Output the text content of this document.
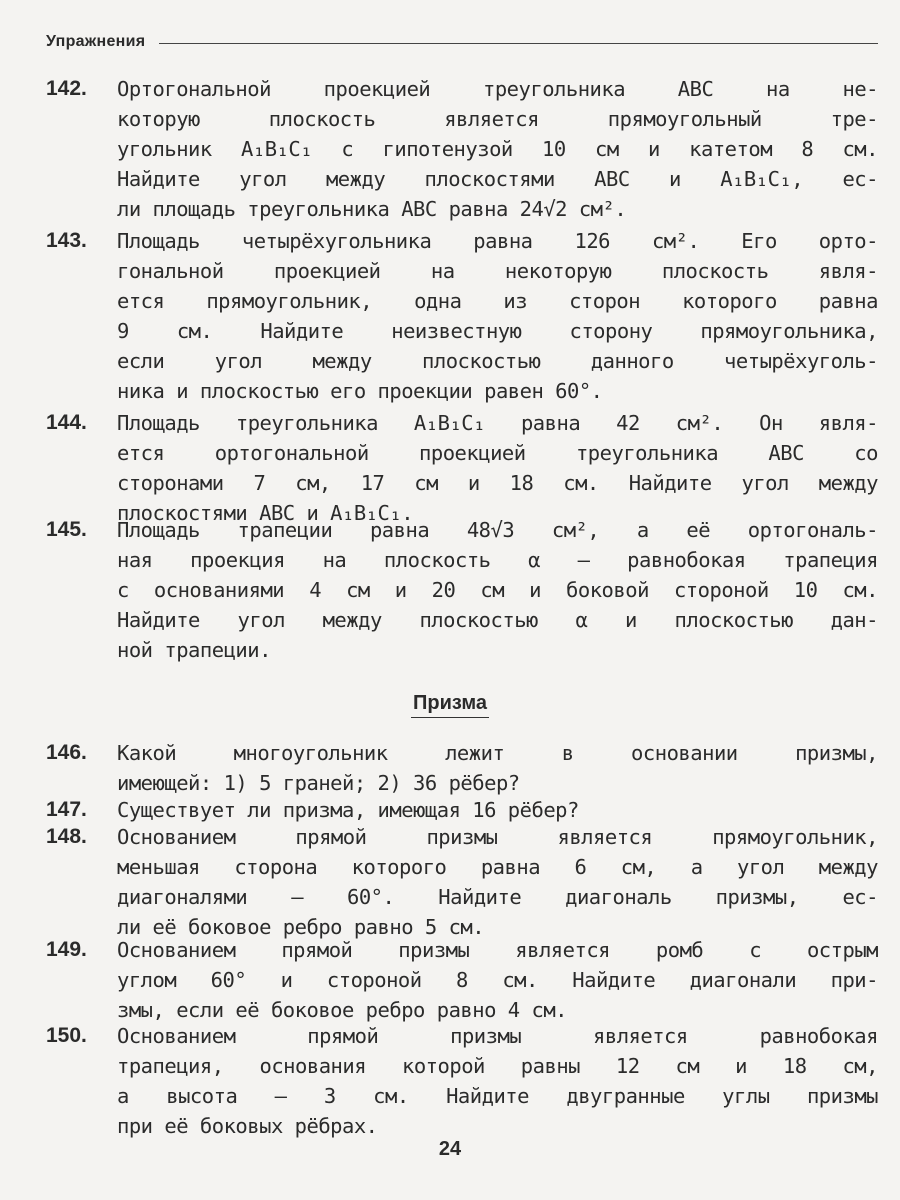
Упражнения
142. Ортогональной проекцией треугольника ABC на не-
которую плоскость является прямоугольный тре-
угольник A₁B₁C₁ с гипотенузой 10 см и катетом 8 см.
Найдите угол между плоскостями ABC и A₁B₁C₁, ес-
ли площадь треугольника ABC равна 24√2 см².
143. Площадь четырёхугольника равна 126 см². Его орто-
гональной проекцией на некоторую плоскость явля-
ется прямоугольник, одна из сторон которого равна
9 см. Найдите неизвестную сторону прямоугольника,
если угол между плоскостью данного четырёхуголь-
ника и плоскостью его проекции равен 60°.
144. Площадь треугольника A₁B₁C₁ равна 42 см². Он явля-
ется ортогональной проекцией треугольника ABC со
сторонами 7 см, 17 см и 18 см. Найдите угол между
плоскостями ABC и A₁B₁C₁.
145. Площадь трапеции равна 48√3 см², а её ортогональ-
ная проекция на плоскость α — равнобокая трапеция
с основаниями 4 см и 20 см и боковой стороной 10 см.
Найдите угол между плоскостью α и плоскостью дан-
ной трапеции.
Призма
146. Какой многоугольник лежит в основании призмы,
имеющей: 1) 5 граней; 2) 36 рёбер?
147. Существует ли призма, имеющая 16 рёбер?
148. Основанием прямой призмы является прямоугольник,
меньшая сторона которого равна 6 см, а угол между
диагоналями — 60°. Найдите диагональ призмы, ес-
ли её боковое ребро равно 5 см.
149. Основанием прямой призмы является ромб с острым
углом 60° и стороной 8 см. Найдите диагонали при-
змы, если её боковое ребро равно 4 см.
150. Основанием прямой призмы является равнобокая
трапеция, основания которой равны 12 см и 18 см,
а высота — 3 см. Найдите двугранные углы призмы
при её боковых рёбрах.
24
